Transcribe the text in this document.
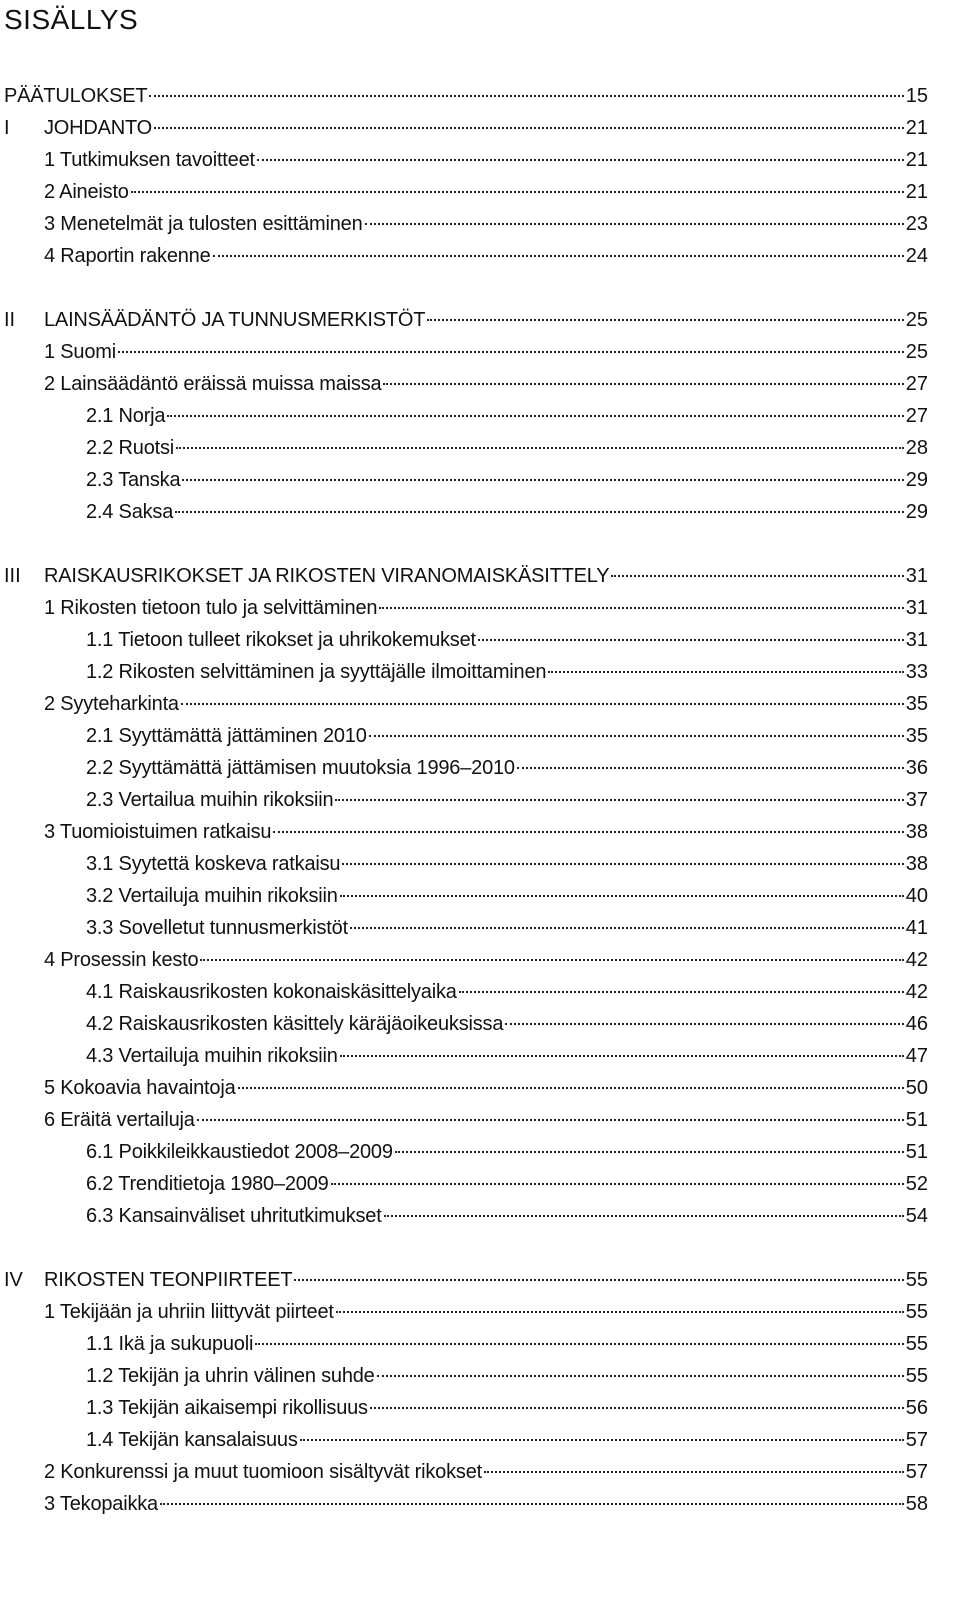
SISÄLLYS
PÄÄTULOKSET	15
I JOHDANTO	21
1 Tutkimuksen tavoitteet	21
2 Aineisto	21
3 Menetelmät ja tulosten esittäminen	23
4 Raportin rakenne	24
II LAINSÄÄDÄNTÖ JA TUNNUSMERKISTÖT	25
1 Suomi	25
2 Lainsäädäntö eräissä muissa maissa	27
2.1 Norja	27
2.2 Ruotsi	28
2.3 Tanska	29
2.4 Saksa	29
III RAISKAUSRIKOKSET JA RIKOSTEN VIRANOMAISKÄSITTELY	31
1 Rikosten tietoon tulo ja selvittäminen	31
1.1 Tietoon tulleet rikokset ja uhrikokemukset	31
1.2 Rikosten selvittäminen ja syyttäjälle ilmoittaminen	33
2 Syyteharkinta	35
2.1 Syyttämättä jättäminen 2010	35
2.2 Syyttämättä jättämisen muutoksia 1996–2010	36
2.3 Vertailua muihin rikoksiin	37
3 Tuomioistuimen ratkaisu	38
3.1 Syytettä koskeva ratkaisu	38
3.2 Vertailuja muihin rikoksiin	40
3.3 Sovelletut tunnusmerkistöt	41
4 Prosessin kesto	42
4.1 Raiskausrikosten kokonaiskäsittelyaika	42
4.2 Raiskausrikosten käsittely käräjäoikeuksissa	46
4.3 Vertailuja muihin rikoksiin	47
5 Kokoavia havaintoja	50
6 Eräitä vertailuja	51
6.1 Poikkileikkaustiedot 2008–2009	51
6.2 Trenditietoja 1980–2009	52
6.3 Kansainväliset uhritutkimukset	54
IV RIKOSTEN TEONPIIRTEET	55
1 Tekijään ja uhriin liittyvät piirteet	55
1.1 Ikä ja sukupuoli	55
1.2 Tekijän ja uhrin välinen suhde	55
1.3 Tekijän aikaisempi rikollisuus	56
1.4 Tekijän kansalaisuus	57
2 Konkurenssi ja muut tuomioon sisältyvät rikokset	57
3 Tekopaikka	58
